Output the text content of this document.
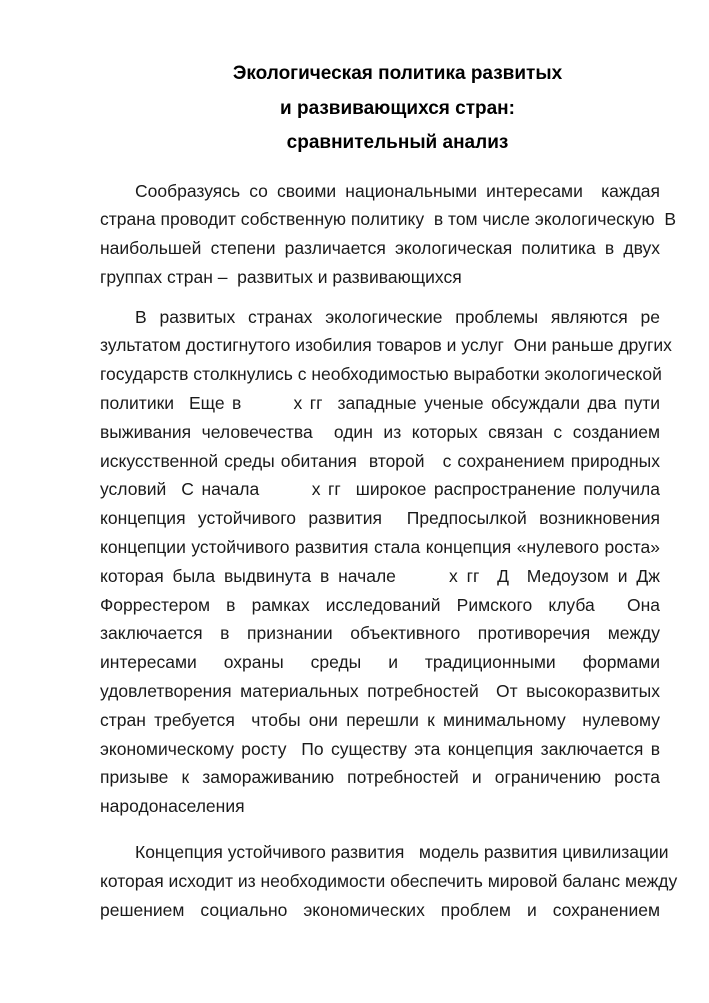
Экологическая политика развитых
и развивающихся стран:
сравнительный анализ
Сообразуясь со своими национальными интересами  каждая
страна проводит собственную политику  в том числе экологическую  В
наибольшей степени различается экологическая политика в двух
группах стран –  развитых и развивающихся
В развитых странах экологические проблемы являются ре
зультатом достигнутого изобилия товаров и услуг  Они раньше других
государств столкнулись с необходимостью выработки экологической
политики  Еще в       х гг  западные ученые обсуждали два пути
выживания человечества  один из которых связан с созданием
искусственной среды обитания  второй   с сохранением природных
условий  С начала       х гг  широкое распространение получила
концепция устойчивого развития  Предпосылкой возникновения
концепции устойчивого развития стала концепция «нулевого роста»
которая была выдвинута в начале      х гг  Д  Медоузом и Дж
Форрестером в рамках исследований Римского клуба  Она
заключается в признании объективного противоречия между
интересами охраны среды и традиционными формами
удовлетворения материальных потребностей  От высокоразвитых
стран требуется  чтобы они перешли к минимальному  нулевому
экономическому росту  По существу эта концепция заключается в
призыве к замораживанию потребностей и ограничению роста
народонаселения
Концепция устойчивого развития   модель развития цивилизации
которая исходит из необходимости обеспечить мировой баланс между
решением социально экономических проблем и сохранением
